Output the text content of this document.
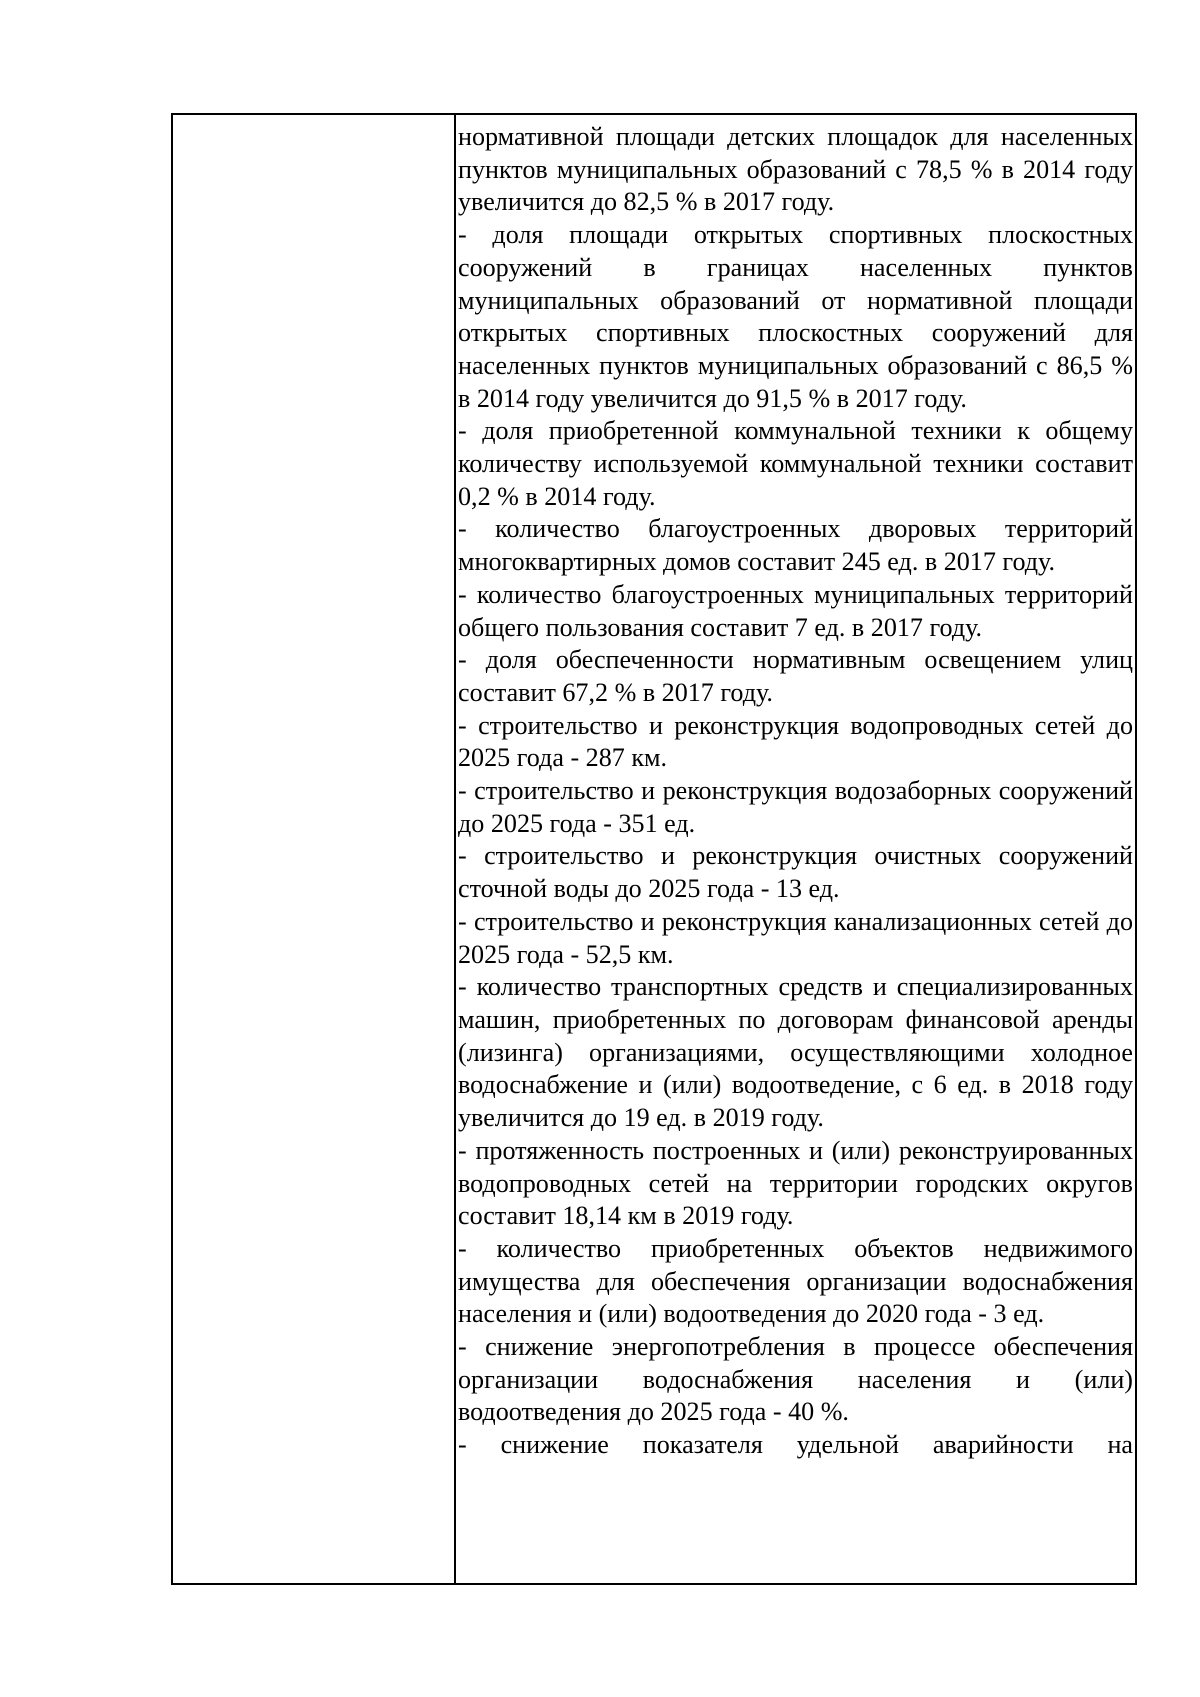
нормативной площади детских площадок для населенных пунктов муниципальных образований с 78,5 % в 2014 году увеличится до 82,5 % в 2017 году.

- доля площади открытых спортивных плоскостных сооружений в границах населенных пунктов муниципальных образований от нормативной площади открытых спортивных плоскостных сооружений для населенных пунктов муниципальных образований с 86,5 % в 2014 году увеличится до 91,5 % в 2017 году.

- доля приобретенной коммунальной техники к общему количеству используемой коммунальной техники составит 0,2 % в 2014 году.

- количество благоустроенных дворовых территорий многоквартирных домов составит 245 ед. в 2017 году.

- количество благоустроенных муниципальных территорий общего пользования составит 7 ед. в 2017 году.

- доля обеспеченности нормативным освещением улиц составит 67,2 % в 2017 году.

- строительство и реконструкция водопроводных сетей до 2025 года - 287 км.

- строительство и реконструкция водозаборных сооружений до 2025 года - 351 ед.

- строительство и реконструкция очистных сооружений сточной воды до 2025 года - 13 ед.

- строительство и реконструкция канализационных сетей до 2025 года - 52,5 км.

- количество транспортных средств и специализированных машин, приобретенных по договорам финансовой аренды (лизинга) организациями, осуществляющими холодное водоснабжение и (или) водоотведение, с 6 ед. в 2018 году увеличится до 19 ед. в 2019 году.

- протяженность построенных и (или) реконструированных водопроводных сетей на территории городских округов составит 18,14 км в 2019 году.

- количество приобретенных объектов недвижимого имущества для обеспечения организации водоснабжения населения и (или) водоотведения до 2020 года - 3 ед.

- снижение энергопотребления в процессе обеспечения организации водоснабжения населения и (или) водоотведения до 2025 года - 40 %.

- снижение показателя удельной аварийности на
